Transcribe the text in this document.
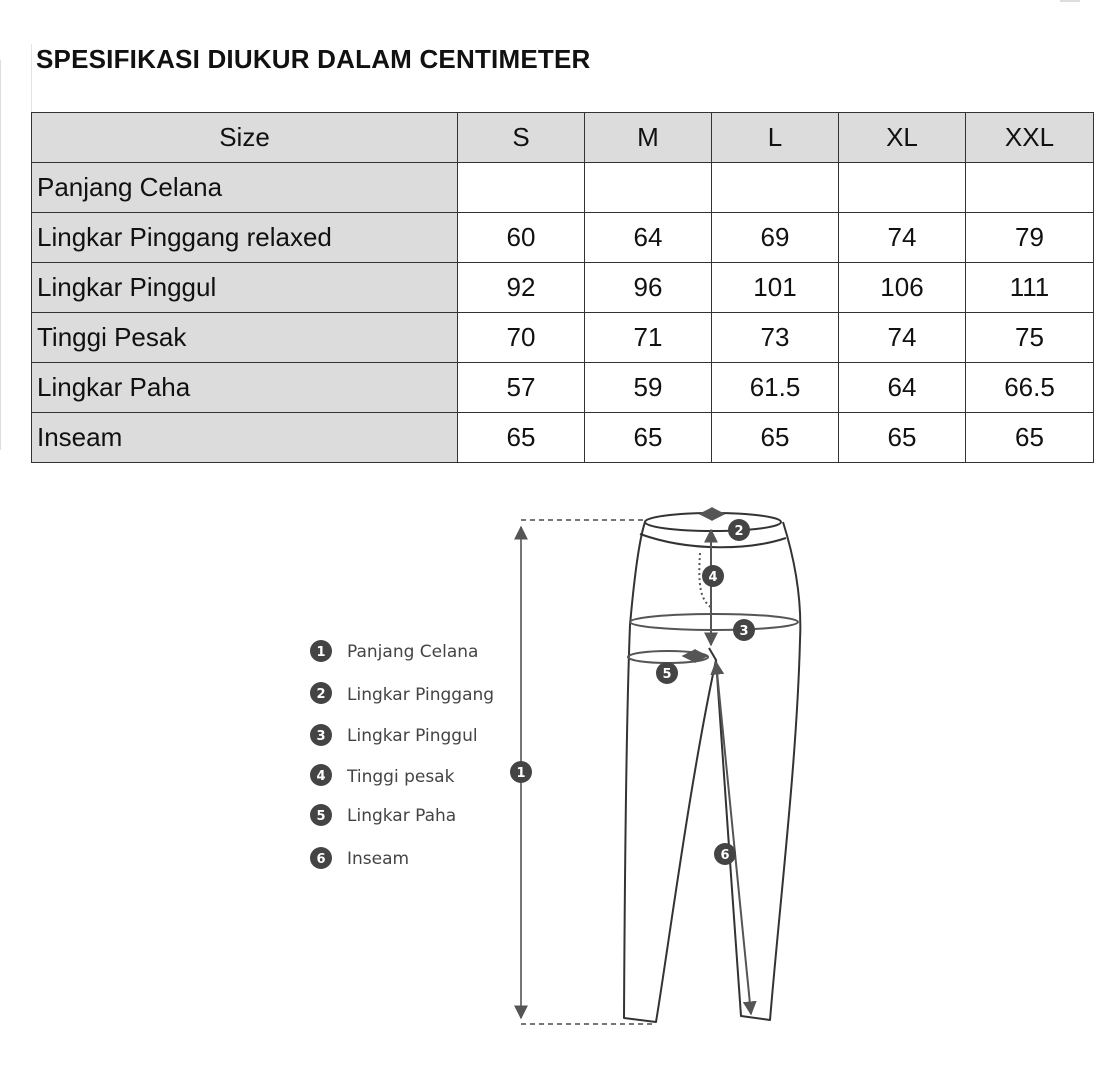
SPESIFIKASI DIUKUR DALAM CENTIMETER
Size	S	M	L	XL	XXL
Panjang Celana					
Lingkar Pinggang relaxed	60	64	69	74	79
Lingkar Pinggul	92	96	101	106	111
Tinggi Pesak	70	71	73	74	75
Lingkar Paha	57	59	61.5	64	66.5
Inseam	65	65	65	65	65
1 Panjang Celana
2 Lingkar Pinggang
3 Lingkar Pinggul
4 Tinggi pesak
5 Lingkar Paha
6 Inseam
1
2
3
4
5
6
